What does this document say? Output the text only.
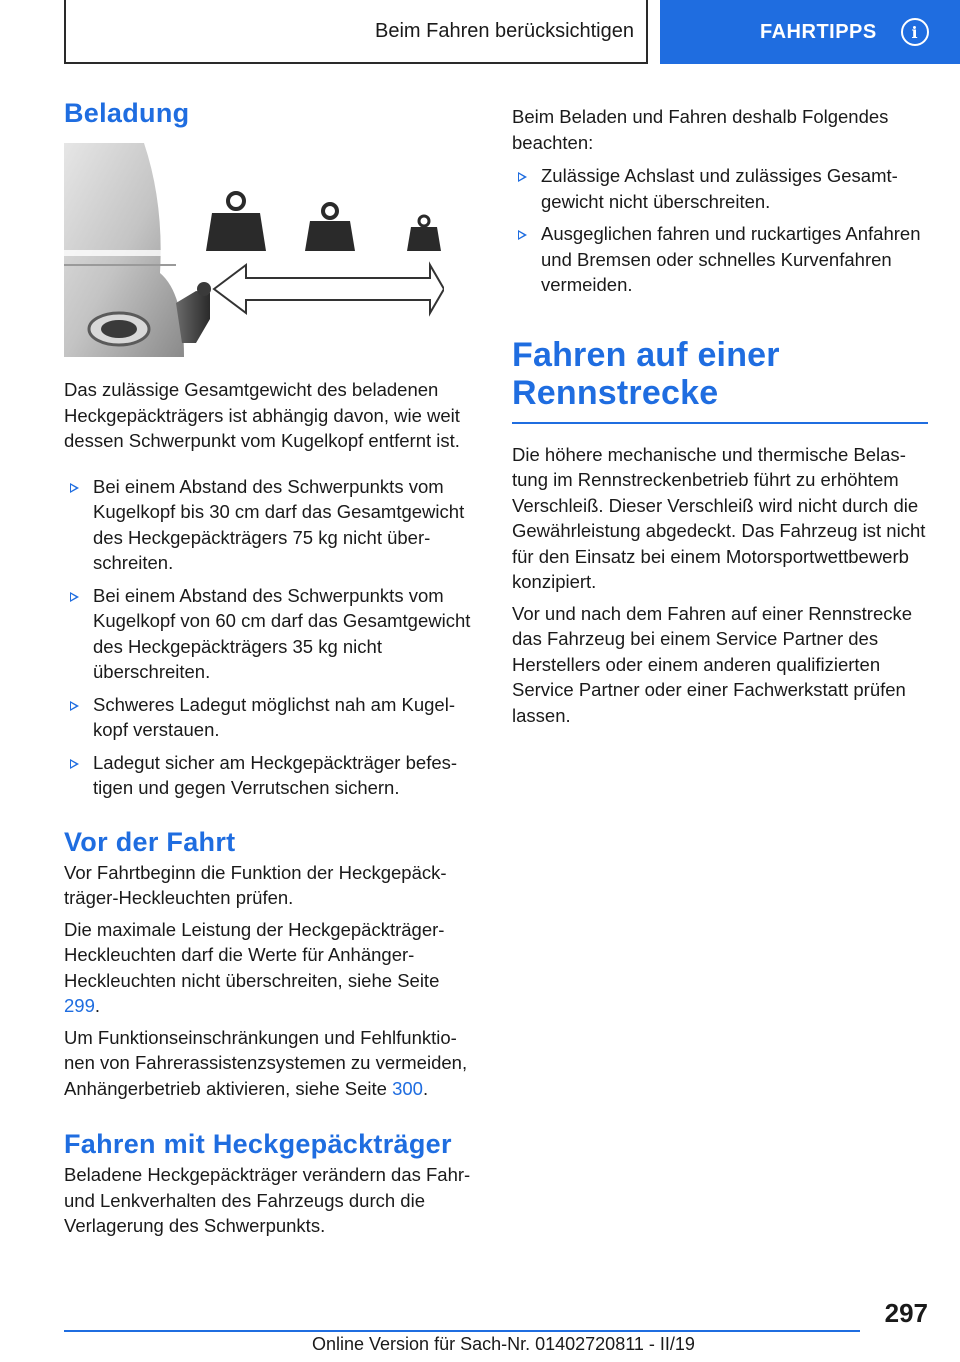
Beim Fahren berücksichtigen	FAHRTIPPS	i
Beladung

Das zulässige Gesamtgewicht des beladenen Heckgepäckträgers ist abhängig davon, wie weit dessen Schwerpunkt vom Kugelkopf entfernt ist.

Bei einem Abstand des Schwerpunkts vom Kugelkopf bis 30 cm darf das Gesamtgewicht des Heckgepäckträgers 75 kg nicht überschreiten.
Bei einem Abstand des Schwerpunkts vom Kugelkopf von 60 cm darf das Gesamtgewicht des Heckgepäckträgers 35 kg nicht überschreiten.
Schweres Ladegut möglichst nah am Kugelkopf verstauen.
Ladegut sicher am Heckgepäckträger befestigen und gegen Verrutschen sichern.
Vor der Fahrt

Vor Fahrtbeginn die Funktion der Heckgepäckträger-Heckleuchten prüfen.

Die maximale Leistung der Heckgepäckträger-Heckleuchten darf die Werte für Anhänger-Heckleuchten nicht überschreiten, siehe Seite 299.

Um Funktionseinschränkungen und Fehlfunktionen von Fahrerassistenzsystemen zu vermeiden, Anhängerbetrieb aktivieren, siehe Seite 300.

Fahren mit Heckgepäckträger

Beladene Heckgepäckträger verändern das Fahr- und Lenkverhalten des Fahrzeugs durch die Verlagerung des Schwerpunkts.

Beim Beladen und Fahren deshalb Folgendes beachten:

Zulässige Achslast und zulässiges Gesamtgewicht nicht überschreiten.
Ausgeglichen fahren und ruckartiges Anfahren und Bremsen oder schnelles Kurvenfahren vermeiden.
Fahren auf einer
Rennstrecke

Die höhere mechanische und thermische Belastung im Rennstreckenbetrieb führt zu erhöhtem Verschleiß. Dieser Verschleiß wird nicht durch die Gewährleistung abgedeckt. Das Fahrzeug ist nicht für den Einsatz bei einem Motorsportwettbewerb konzipiert.

Vor und nach dem Fahren auf einer Rennstrecke das Fahrzeug bei einem Service Partner des Herstellers oder einem anderen qualifizierten Service Partner oder einer Fachwerkstatt prüfen lassen.

297
Online Version für Sach-Nr. 01402720811 - II/19
